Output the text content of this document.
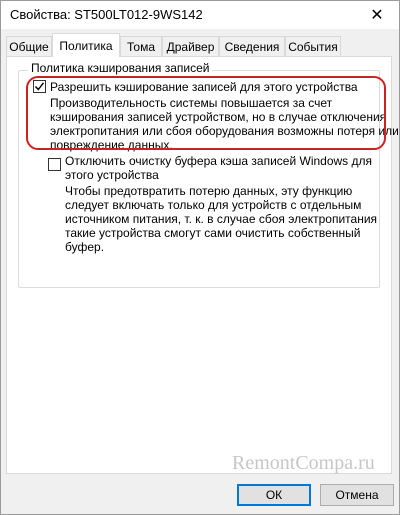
Свойства: ST500LT012-9WS142	✕
Общие Политика	Тома Драйвер Сведения События
Политика кэширования записей
Разрешить кэширование записей для этого устройства
Производительность системы повышается за счет
кэширования записей устройством, но в случае отключения
электропитания или сбоя оборудования возможны потеря или
повреждение данных.
Отключить очистку буфера кэша записей Windows для
этого устройства
Чтобы предотвратить потерю данных, эту функцию
следует включать только для устройств с отдельным
источником питания, т. к. в случае сбоя электропитания
такие устройства смогут сами очистить собственный
буфер.
RemontCompa.ru
ОК	Отмена
